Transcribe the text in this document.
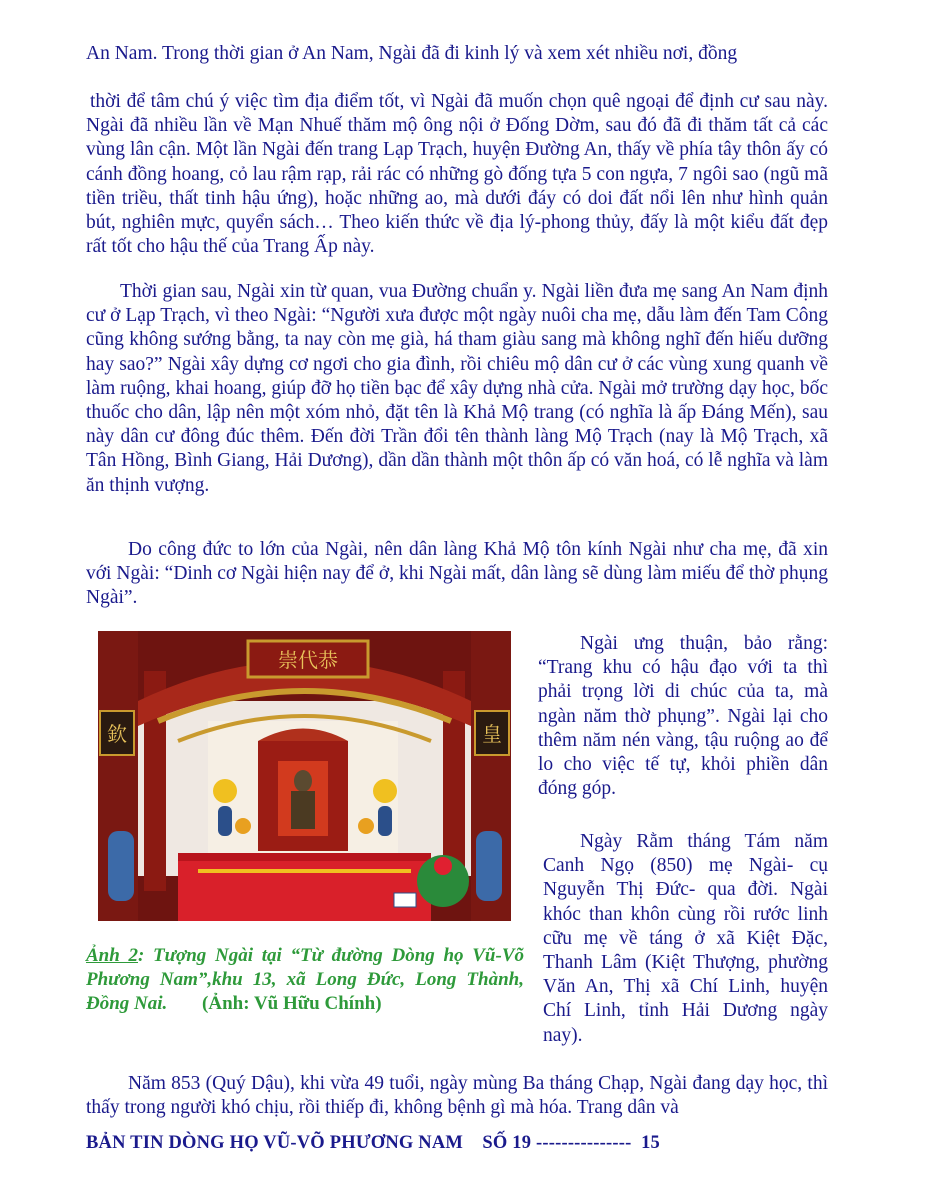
An Nam. Trong thời gian ở An Nam, Ngài đã đi kinh lý và xem xét nhiều nơi, đồng

thời để tâm chú ý việc tìm địa điểm tốt, vì Ngài đã muốn chọn quê ngoại để định cư sau này. Ngài đã nhiều lần về Mạn Nhuế thăm mộ ông nội ở Đống Dờm, sau đó đã đi thăm tất cả các vùng lân cận. Một lần Ngài đến trang Lạp Trạch, huyện Đường An, thấy về phía tây thôn ấy có cánh đồng hoang, cỏ lau rậm rạp, rải rác có những gò đống tựa 5 con ngựa, 7 ngôi sao (ngũ mã tiền triều, thất tinh hậu ứng), hoặc những ao, mà dưới đáy có doi đất nổi lên như hình quản bút, nghiên mực, quyển sách… Theo kiến thức về địa lý-phong thủy, đấy là một kiểu đất đẹp rất tốt cho hậu thế của Trang Ấp này.

Thời gian sau, Ngài xin từ quan, vua Đường chuẩn y. Ngài liền đưa mẹ sang An Nam định cư ở Lạp Trạch, vì theo Ngài: “Người xưa được một ngày nuôi cha mẹ, dẫu làm đến Tam Công cũng không sướng bằng, ta nay còn mẹ già, há tham giàu sang mà không nghĩ đến hiếu dưỡng hay sao?” Ngài xây dựng cơ ngơi cho gia đình, rồi chiêu mộ dân cư ở các vùng xung quanh về làm ruộng, khai hoang, giúp đỡ họ tiền bạc để xây dựng nhà cửa. Ngài mở trường dạy học, bốc thuốc cho dân, lập nên một xóm nhỏ, đặt tên là Khả Mộ trang (có nghĩa là ấp Đáng Mến), sau này dân cư đông đúc thêm. Đến đời Trần đổi tên thành làng Mộ Trạch (nay là Mộ Trạch, xã Tân Hồng, Bình Giang, Hải Dương), dần dần thành một thôn ấp có văn hoá, có lễ nghĩa và làm ăn thịnh vượng.

Do công đức to lớn của Ngài, nên dân làng Khả Mộ tôn kính Ngài như cha mẹ, đã xin với Ngài: “Dinh cơ Ngài hiện nay để ở, khi Ngài mất, dân làng sẽ dùng làm miếu để thờ phụng Ngài”.

崇代恭
欽	皇

Ngài ưng thuận, bảo rằng: “Trang khu có hậu đạo với ta thì phải trọng lời di chúc của ta, mà ngàn năm thờ phụng”. Ngài lại cho thêm năm nén vàng, tậu ruộng ao để lo cho việc tế tự, khỏi phiền dân đóng góp.

Ngày Rằm tháng Tám năm Canh Ngọ (850) mẹ Ngài- cụ Nguyễn Thị Đức- qua đời. Ngài khóc than khôn cùng rồi rước linh cữu mẹ về táng ở xã Kiệt Đặc, Thanh Lâm (Kiệt Thượng, phường Văn An, Thị xã Chí Linh, huyện Chí Linh, tỉnh Hải Dương ngày nay).

Ảnh 2: Tượng Ngài tại “Từ đường Dòng họ Vũ-Võ Phương Nam”,khu 13, xã Long Đức, Long Thành, Đồng Nai. (Ảnh: Vũ Hữu Chính)

Năm 853 (Quý Dậu), khi vừa 49 tuổi, ngày mùng Ba tháng Chạp, Ngài đang dạy học, thì thấy trong người khó chịu, rồi thiếp đi, không bệnh gì mà hóa. Trang dân và

BẢN TIN DÒNG HỌ VŨ-VÕ PHƯƠNG NAM    SỐ 19 ---------------  15
